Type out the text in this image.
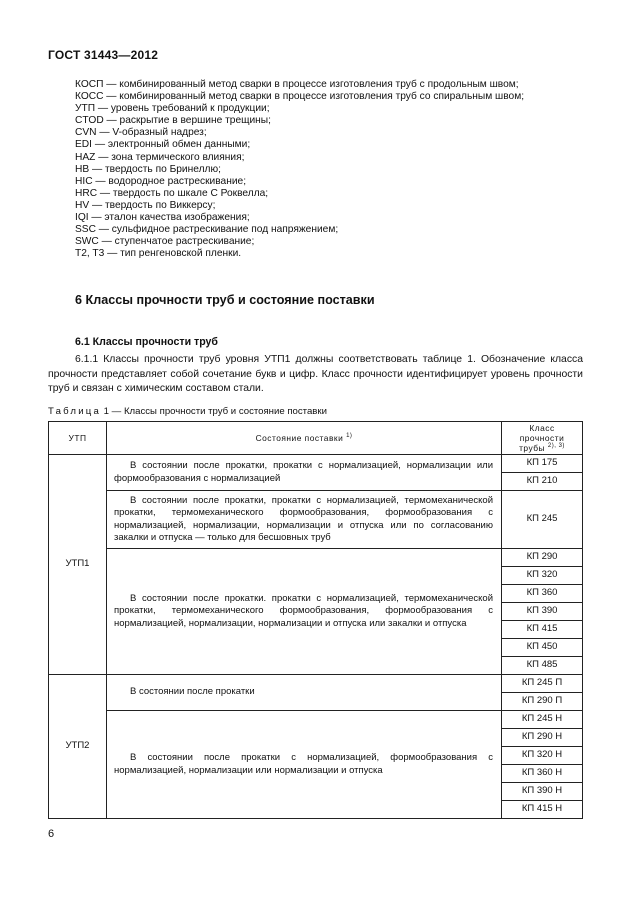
ГОСТ 31443—2012
КОСП — комбинированный метод сварки в процессе изготовления труб с продольным швом;
КОСС — комбинированный метод сварки в процессе изготовления труб со спиральным швом;
УТП — уровень требований к продукции;
CTOD — раскрытие в вершине трещины;
CVN — V-образный надрез;
EDI — электронный обмен данными;
HAZ — зона термического влияния;
HB — твердость по Бринеллю;
HIC — водородное растрескивание;
HRC — твердость по шкале С Роквелла;
HV — твердость по Виккерсу;
IQI — эталон качества изображения;
SSC — сульфидное растрескивание под напряжением;
SWC — ступенчатое растрескивание;
T2, T3 — тип ренгеновской пленки.
6 Классы прочности труб и состояние поставки
6.1 Классы прочности труб
6.1.1 Классы прочности труб уровня УТП1 должны соответствовать таблице 1. Обозначение класса прочности представляет собой сочетание букв и цифр. Класс прочности идентифицирует уровень прочности труб и связан с химическим составом стали.
Таблица 1 — Классы прочности труб и состояние поставки
УТП	Состояние поставки $^{1)}$	Класс прочности
трубы $^{2), 3)}$
УТП1	В состоянии после прокатки, прокатки с нормализацией, нормализации или формообразования с нормализацией	КП 175
		КП 210
	В состоянии после прокатки, прокатки с нормализацией, термомеханической прокатки, термомеханического формообразования, формообразования с нормализацией, нормализации, нормализации и отпуска или по согласованию закалки и отпуска — только для бесшовных труб	КП 245
	В состоянии после прокатки. прокатки с нормализацией, термомеханической прокатки, термомеханического формообразования, формообразования с нормализацией, нормализации, нормализации и отпуска или закалки и отпуска	КП 290
		КП 320
		КП 360
		КП 390
		КП 415
		КП 450
		КП 485
УТП2	В состоянии после прокатки	КП 245 П
		КП 290 П
	В состоянии после прокатки с нормализацией, формообразования с нормализацией, нормализации или нормализации и отпуска	КП 245 Н
		КП 290 Н
		КП 320 Н
		КП 360 Н
		КП 390 Н
		КП 415 Н
6
